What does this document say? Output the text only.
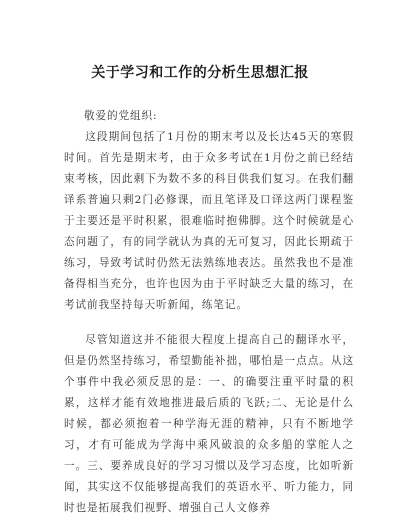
关于学习和工作的分析生思想汇报
敬爱的党组织:

这段期间包括了1月份的期末考以及长达45天的寒假时间。首先是期末考，由于众多考试在1月份之前已经结束考核，因此剩下为数不多的科目供我们复习。在我们翻译系普遍只剩2门必修课，而且笔译及口译这两门课程鉴于主要还是平时积累，很难临时抱佛脚。这个时候就是心态问题了，有的同学就认为真的无可复习，因此长期疏于练习，导致考试时仍然无法熟练地表达。虽然我也不是准备得相当充分，也许也因为由于平时缺乏大量的练习，在考试前我坚持每天听新闻，练笔记。

尽管知道这并不能很大程度上提高自己的翻译水平，但是仍然坚持练习，希望勤能补拙，哪怕是一点点。从这个事件中我必须反思的是：一、的确要注重平时量的积累，这样才能有效地推进最后质的飞跃;二、无论是什么时候，都必须抱着一种学海无涯的精神，只有不断地学习，才有可能成为学海中乘风破浪的众多船的掌舵人之一。三、要养成良好的学习习惯以及学习态度，比如听新闻，其实这不仅能够提高我们的英语水平、听力能力，同时也是拓展我们视野、增强自己人文修养
